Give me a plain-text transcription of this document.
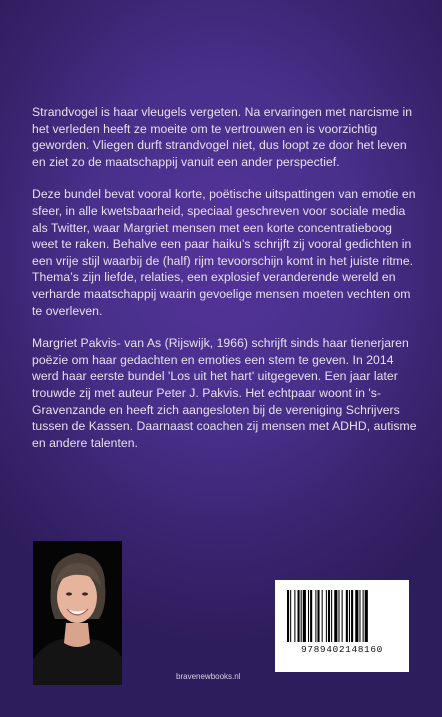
Strandvogel is haar vleugels vergeten. Na ervaringen met narcisme in het verleden heeft ze moeite om te vertrouwen en is voorzichtig geworden. Vliegen durft strandvogel niet, dus loopt ze door het leven en ziet zo de maatschappij vanuit een ander perspectief.

Deze bundel bevat vooral korte, poëtische uitspattingen van emotie en sfeer, in alle kwetsbaarheid, speciaal geschreven voor sociale media als Twitter, waar Margriet mensen met een korte concentratieboog weet te raken. Behalve een paar haiku’s schrijft zij vooral gedichten in een vrije stijl waarbij de (half) rijm tevoorschijn komt in het juiste ritme. Thema’s zijn liefde, relaties, een explosief veranderende wereld en verharde maatschappij waarin gevoelige mensen moeten vechten om te overleven.

Margriet Pakvis- van As (Rijswijk, 1966) schrijft sinds haar tienerjaren poëzie om haar gedachten en emoties een stem te geven. In 2014 werd haar eerste bundel 'Los uit het hart' uitgegeven. Een jaar later trouwde zij met auteur Peter J. Pakvis. Het echtpaar woont in 's-Gravenzande en heeft zich aangesloten bij de vereniging Schrijvers tussen de Kassen. Daarnaast coachen zij mensen met ADHD, autisme en andere talenten.

bravenewbooks.nl
9789402148160
